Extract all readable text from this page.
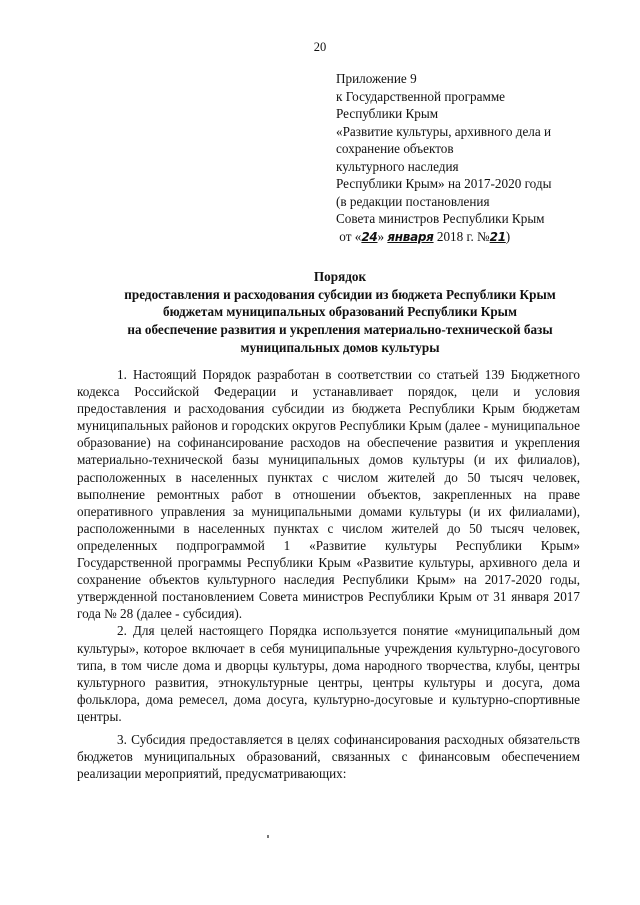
20
Приложение 9
к Государственной программе
Республики Крым
«Развитие культуры, архивного дела и
сохранение объектов
культурного наследия
Республики Крым» на 2017-2020 годы
(в редакции постановления
Совета министров Республики Крым
от «24» января 2018 г. №21)
Порядок
предоставления и расходования субсидии из бюджета Республики Крым
бюджетам муниципальных образований Республики Крым
на обеспечение развития и укрепления материально-технической базы
муниципальных домов культуры

1. Настоящий Порядок разработан в соответствии со статьей 139 Бюджетного кодекса Российской Федерации и устанавливает порядок, цели и условия предоставления и расходования субсидии из бюджета Республики Крым бюджетам муниципальных районов и городских округов Республики Крым (далее - муниципальное образование) на софинансирование расходов на обеспечение развития и укрепления материально-технической базы муниципальных домов культуры (и их филиалов), расположенных в населенных пунктах с числом жителей до 50 тысяч человек, выполнение ремонтных работ в отношении объектов, закрепленных на праве оперативного управления за муниципальными домами культуры (и их филиалами), расположенными в населенных пунктах с числом жителей до 50 тысяч человек, определенных подпрограммой 1 «Развитие культуры Республики Крым» Государственной программы Республики Крым «Развитие культуры, архивного дела и сохранение объектов культурного наследия Республики Крым» на 2017-2020 годы, утвержденной постановлением Совета министров Республики Крым от 31 января 2017 года № 28 (далее - субсидия).

2. Для целей настоящего Порядка используется понятие «муниципальный дом культуры», которое включает в себя муниципальные учреждения культурно-досугового типа, в том числе дома и дворцы культуры, дома народного творчества, клубы, центры культурного развития, этнокультурные центры, центры культуры и досуга, дома фольклора, дома ремесел, дома досуга, культурно-досуговые и культурно-спортивные центры.

3. Субсидия предоставляется в целях софинансирования расходных обязательств бюджетов муниципальных образований, связанных с финансовым обеспечением реализации мероприятий, предусматривающих:
